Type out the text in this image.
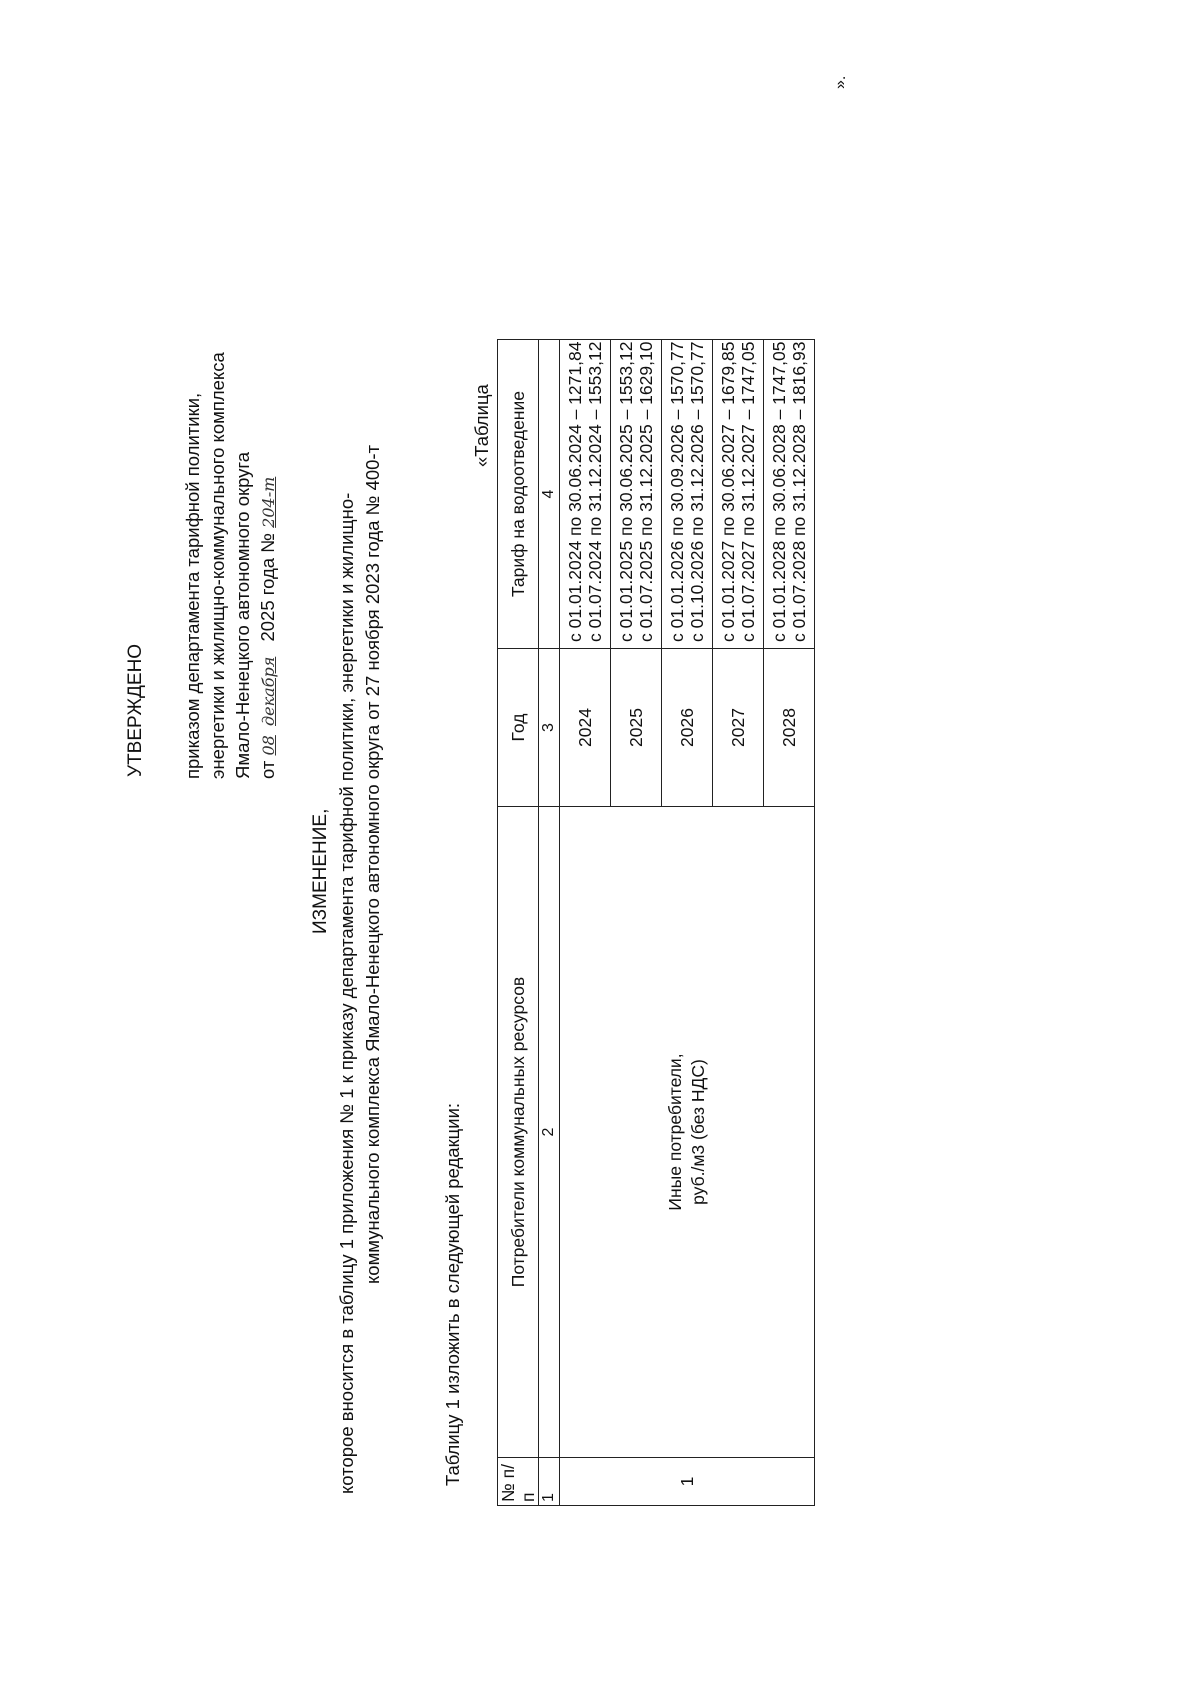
УТВЕРЖДЕНО приказом департамента тарифной политики, энергетики и жилищно-коммунального комплекса Ямало-Ненецкого автономного округа от 08 декабря 2025 года № 204-т
ИЗМЕНЕНИЕ, которое вносится в таблицу 1 приложения № 1 к приказу департамента тарифной политики, энергетики и жилищно- коммунального комплекса Ямало-Ненецкого автономного округа от 27 ноября 2023 года № 400-т
Таблицу 1 изложить в следующей редакции:
«Таблица
№ п/п	Потребители коммунальных ресурсов	Год	Тариф на водоотведение
1	2	3	4
1	Иные потребители, руб./м3 (без НДС)	2024	с 01.01.2024 по 30.06.2024 – 1271,84 с 01.07.2024 по 31.12.2024 – 1553,12

		2025	с 01.01.2025 по 30.06.2025 – 1553,12 с 01.07.2025 по 31.12.2025 – 1629,10

		2026	с 01.01.2026 по 30.09.2026 – 1570,77 с 01.10.2026 по 31.12.2026 – 1570,77

		2027	с 01.01.2027 по 30.06.2027 – 1679,85 с 01.07.2027 по 31.12.2027 – 1747,05

		2028	с 01.01.2028 по 30.06.2028 – 1747,05 с 01.07.2028 по 31.12.2028 – 1816,93
».
